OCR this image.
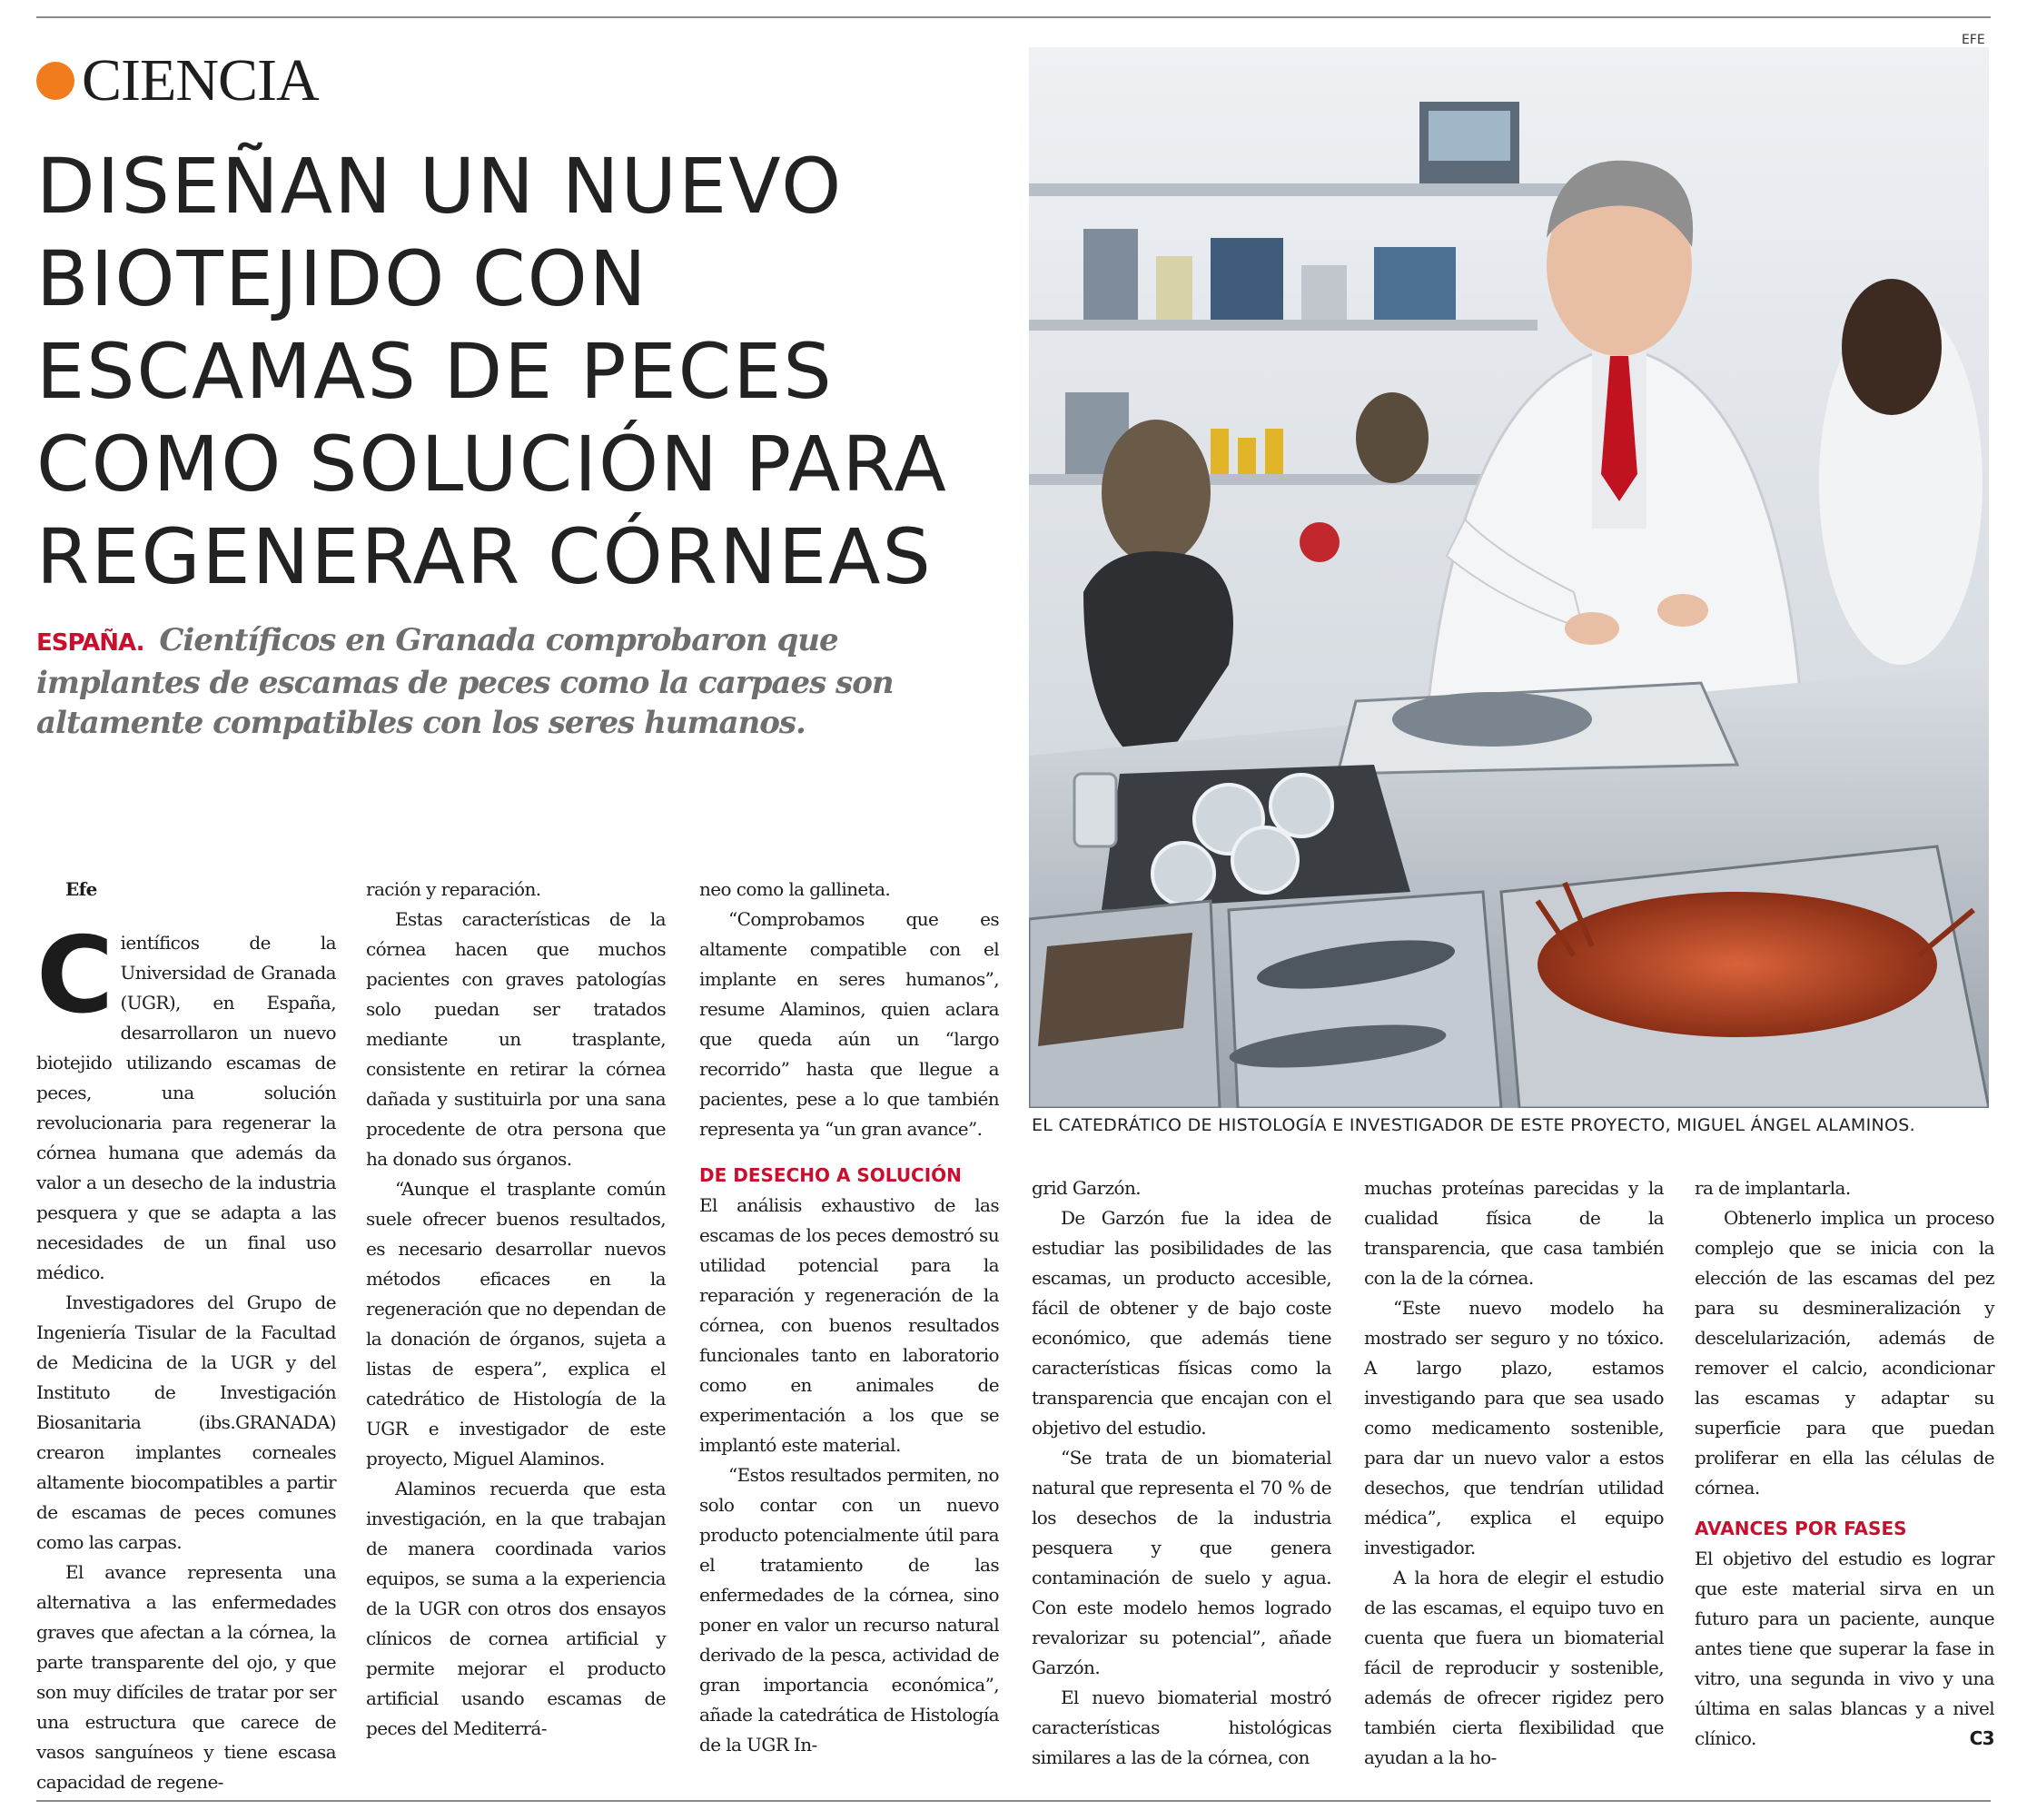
CIENCIA
DISEÑAN UN NUEVO
BIOTEJIDO CON
ESCAMAS DE PECES
COMO SOLUCIÓN PARA
REGENERAR CÓRNEAS
ESPAÑA. Científicos en Granada comprobaron que implantes de escamas de peces como la carpaes son altamente compatibles con los seres humanos.
EFE
EL CATEDRÁTICO DE HISTOLOGÍA E INVESTIGADOR DE ESTE PROYECTO, MIGUEL ÁNGEL ALAMINOS.

Efe

Científicos de la Universidad de Granada (UGR), en España, desarrollaron un nuevo biotejido utilizando escamas de peces, una solución revolucionaria para regenerar la córnea humana que además da valor a un desecho de la industria pesquera y que se adapta a las necesidades de un final uso médico.

Investigadores del Grupo de Ingeniería Tisular de la Facultad de Medicina de la UGR y del Instituto de Investigación Biosanitaria (ibs.GRANADA) crearon implantes corneales altamente biocompatibles a partir de escamas de peces comunes como las carpas.

El avance representa una alternativa a las enfermedades graves que afectan a la córnea, la parte transparente del ojo, y que son muy difíciles de tratar por ser una estructura que carece de vasos sanguíneos y tiene escasa capacidad de regene-

ración y reparación.

Estas características de la córnea hacen que muchos pacientes con graves patologías solo puedan ser tratados mediante un trasplante, consistente en retirar la córnea dañada y sustituirla por una sana procedente de otra persona que ha donado sus órganos.

“Aunque el trasplante común suele ofrecer buenos resultados, es necesario desarrollar nuevos métodos eficaces en la regeneración que no dependan de la donación de órganos, sujeta a listas de espera”, explica el catedrático de Histología de la UGR e investigador de este proyecto, Miguel Alaminos.

Alaminos recuerda que esta investigación, en la que trabajan de manera coordinada varios equipos, se suma a la experiencia de la UGR con otros dos ensayos clínicos de cornea artificial y permite mejorar el producto artificial usando escamas de peces del Mediterrá-

neo como la gallineta.

“Comprobamos que es altamente compatible con el implante en seres humanos”, resume Alaminos, quien aclara que queda aún un “largo recorrido” hasta que llegue a pacientes, pese a lo que también representa ya “un gran avance”.

DE DESECHO A SOLUCIÓN

El análisis exhaustivo de las escamas de los peces demostró su utilidad potencial para la reparación y regeneración de la córnea, con buenos resultados funcionales tanto en laboratorio como en animales de experimentación a los que se implantó este material.

“Estos resultados permiten, no solo contar con un nuevo producto potencialmente útil para el tratamiento de las enfermedades de la córnea, sino poner en valor un recurso natural derivado de la pesca, actividad de gran importancia económica”, añade la catedrática de Histología de la UGR In-

grid Garzón.

De Garzón fue la idea de estudiar las posibilidades de las escamas, un producto accesible, fácil de obtener y de bajo coste económico, que además tiene características físicas como la transparencia que encajan con el objetivo del estudio.

“Se trata de un biomaterial natural que representa el 70 % de los desechos de la industria pesquera y que genera contaminación de suelo y agua. Con este modelo hemos logrado revalorizar su potencial”, añade Garzón.

El nuevo biomaterial mostró características histológicas similares a las de la córnea, con

muchas proteínas parecidas y la cualidad física de la transparencia, que casa también con la de la córnea.

“Este nuevo modelo ha mostrado ser seguro y no tóxico. A largo plazo, estamos investigando para que sea usado como medicamento sostenible, para dar un nuevo valor a estos desechos, que tendrían utilidad médica”, explica el equipo investigador.

A la hora de elegir el estudio de las escamas, el equipo tuvo en cuenta que fuera un biomaterial fácil de reproducir y sostenible, además de ofrecer rigidez pero también cierta flexibilidad que ayudan a la ho-

ra de implantarla.

Obtenerlo implica un proceso complejo que se inicia con la elección de las escamas del pez para su desmineralización y descelularización, además de remover el calcio, acondicionar las escamas y adaptar su superficie para que puedan proliferar en ella las células de córnea.

AVANCES POR FASES

El objetivo del estudio es lograr que este material sirva en un futuro para un paciente, aunque antes tiene que superar la fase in vitro, una segunda in vivo y una última en salas blancas y a nivel clínico.	C3
